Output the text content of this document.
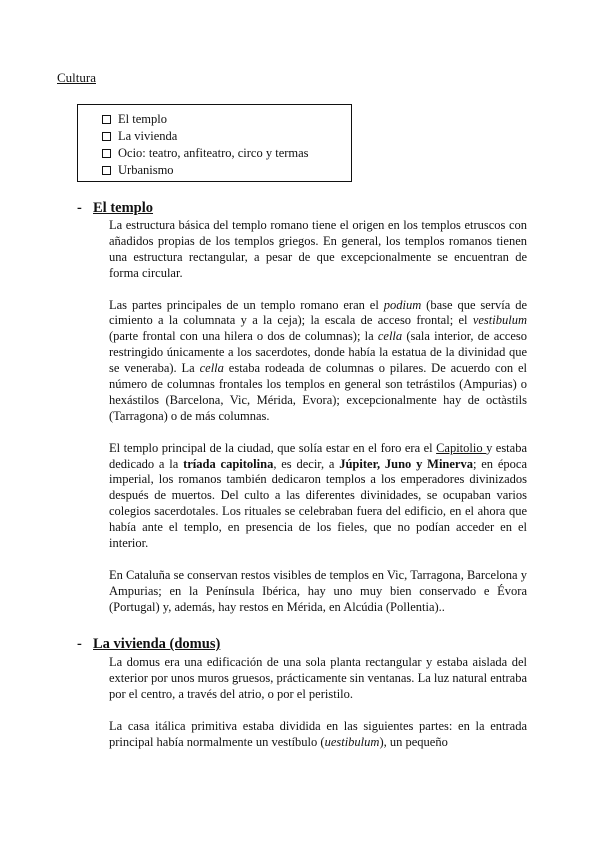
Cultura
El templo
La vivienda
Ocio: teatro, anfiteatro, circo y termas
Urbanismo
- El templo

La estructura básica del templo romano tiene el origen en los templos etruscos con añadidos propias de los templos griegos. En general, los templos romanos tienen una estructura rectangular, a pesar de que excepcionalmente se encuentran de forma circular.

Las partes principales de un templo romano eran el podium (base que servía de cimiento a la columnata y a la ceja); la escala de acceso frontal; el vestibulum (parte frontal con una hilera o dos de columnas); la cella (sala interior, de acceso restringido únicamente a los sacerdotes, donde había la estatua de la divinidad que se veneraba). La cella estaba rodeada de columnas o pilares. De acuerdo con el número de columnas frontales los templos en general son tetrástilos (Ampurias) o hexástilos (Barcelona, Vic, Mérida, Evora); excepcionalmente hay de octàstils (Tarragona) o de más columnas.

El templo principal de la ciudad, que solía estar en el foro era el Capitolio y estaba dedicado a la tríada capitolina, es decir, a Júpiter, Juno y Minerva; en época imperial, los romanos también dedicaron templos a los emperadores divinizados después de muertos. Del culto a las diferentes divinidades, se ocupaban varios colegios sacerdotales. Los rituales se celebraban fuera del edificio, en el ahora que había ante el templo, en presencia de los fieles, que no podían acceder en el interior.

En Cataluña se conservan restos visibles de templos en Vic, Tarragona, Barcelona y Ampurias; en la Península Ibérica, hay uno muy bien conservado e Évora (Portugal) y, además, hay restos en Mérida, en Alcúdia (Pollentia)..

- La vivienda (domus)

La domus era una edificación de una sola planta rectangular y estaba aislada del exterior por unos muros gruesos, prácticamente sin ventanas. La luz natural entraba por el centro, a través del atrio, o por el peristilo.

La casa itálica primitiva estaba dividida en las siguientes partes: en la entrada principal había normalmente un vestíbulo (uestibulum), un pequeño
